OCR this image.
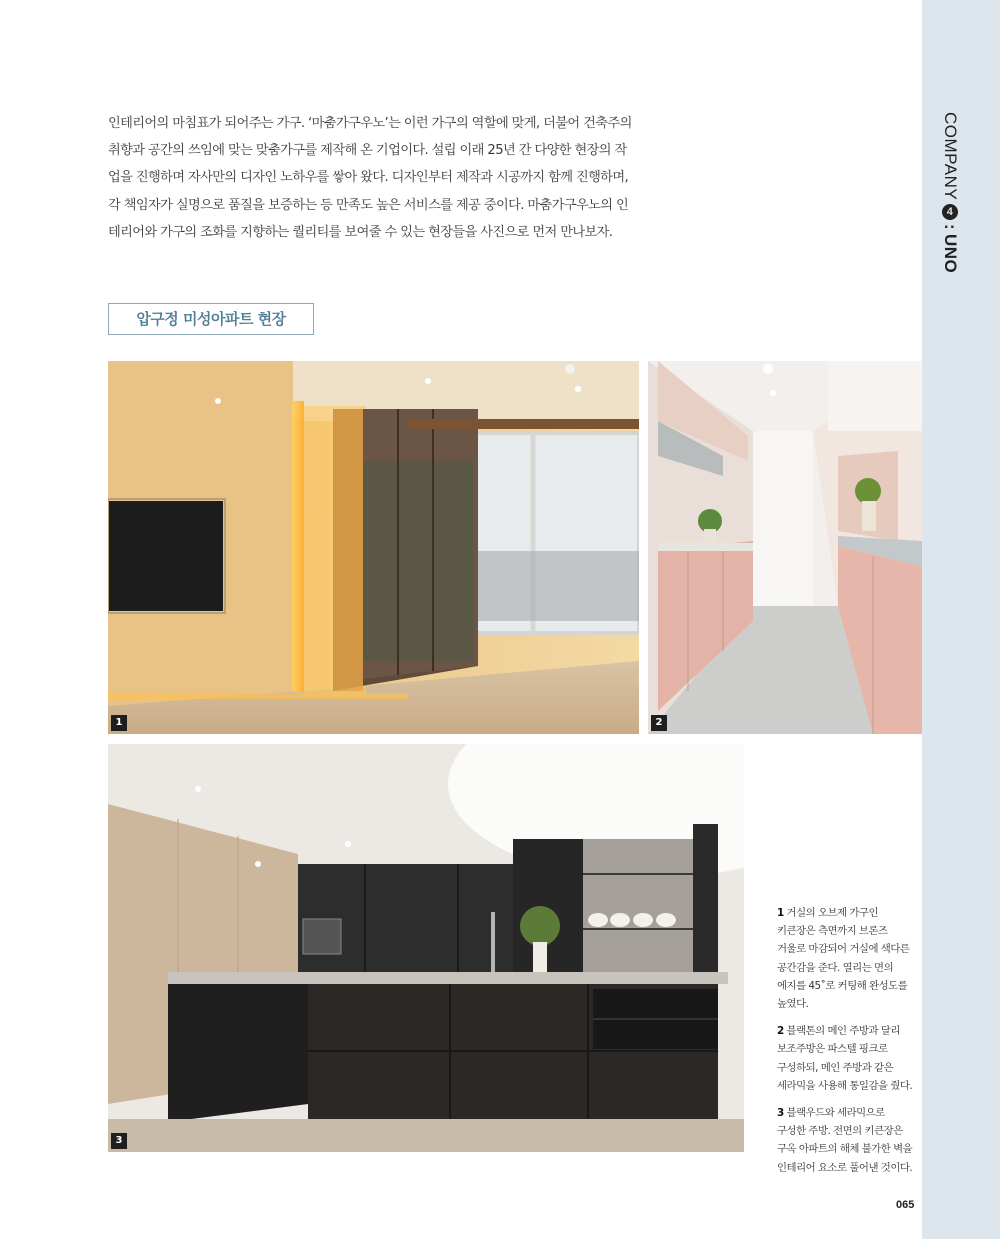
COMPANY
4
:
UNO
인테리어의 마침표가 되어주는 가구. ‘마춤가구우노’는 이런 가구의 역할에 맞게, 더불어 건축주의
취향과 공간의 쓰임에 맞는 맞춤가구를 제작해 온 기업이다. 설립 이래 25년 간 다양한 현장의 작
업을 진행하며 자사만의 디자인 노하우를 쌓아 왔다. 디자인부터 제작과 시공까지 함께 진행하며,
각 책임자가 실명으로 품질을 보증하는 등 만족도 높은 서비스를 제공 중이다. 마춤가구우노의 인
테리어와 가구의 조화를 지향하는 퀄리티를 보여줄 수 있는 현장들을 사진으로 먼저 만나보자.
압구정 미성아파트 현장
1	2
3
1 거실의 오브제 가구인
키큰장은 측면까지 브론즈
거울로 마감되어 거실에 색다른
공간감을 준다. 열리는 면의
에지를 45˚로 커팅해 완성도를
높였다.
2 블랙톤의 메인 주방과 달리
보조주방은 파스텔 핑크로
구성하되, 메인 주방과 같은
세라믹을 사용해 통일감을 줬다.
3 블랙우드와 세라믹으로
구성한 주방. 전면의 키큰장은
구옥 아파트의 해체 불가한 벽을
인테리어 요소로 풀어낸 것이다.
065
